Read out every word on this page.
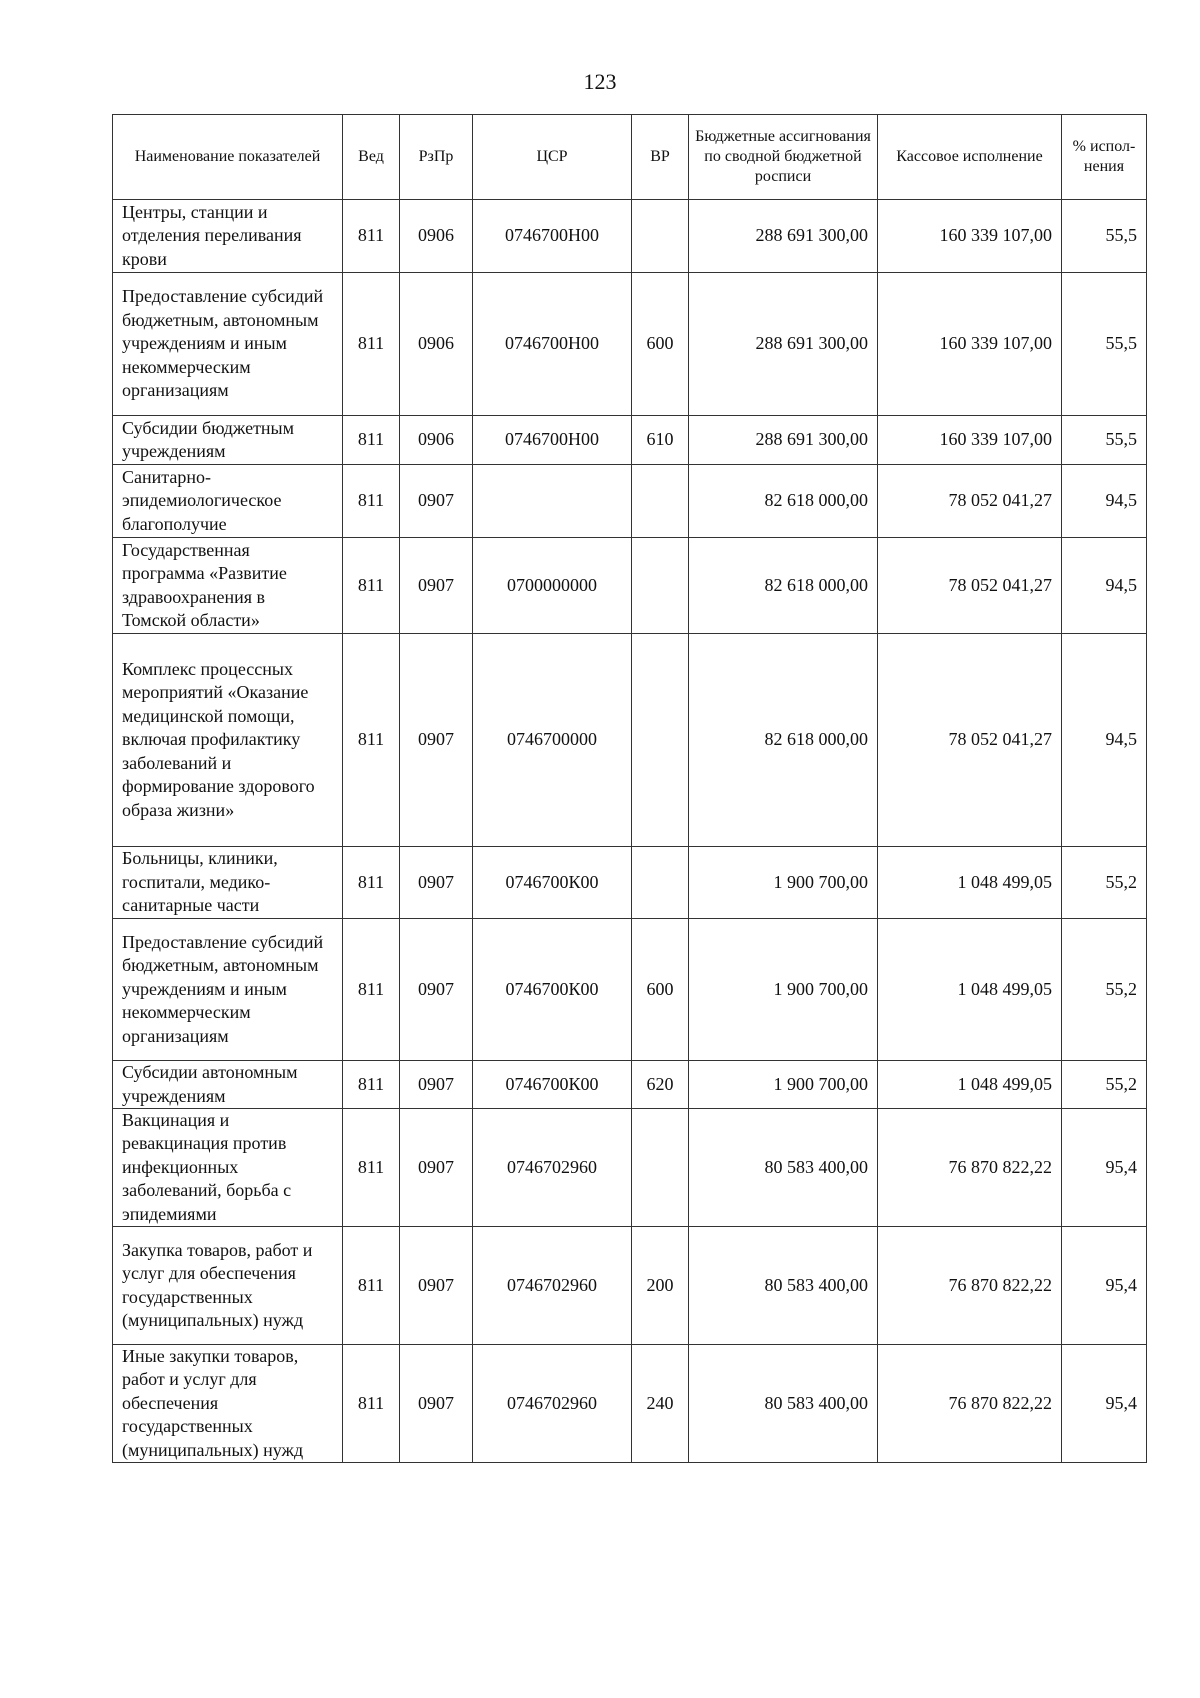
123
Наименование показателей	Вед	РзПр	ЦСР	ВР	Бюджетные ассигнования по сводной бюджетной росписи	Кассовое исполнение	% испол-нения
Центры, станции и отделения переливания крови	811	0906	0746700Н00		288 691 300,00	160 339 107,00	55,5
Предоставление субсидий бюджетным, автономным учреждениям и иным некоммерческим организациям	811	0906	0746700Н00	600	288 691 300,00	160 339 107,00	55,5
Субсидии бюджетным учреждениям	811	0906	0746700Н00	610	288 691 300,00	160 339 107,00	55,5
Санитарно-эпидемиологическое благополучие	811	0907			82 618 000,00	78 052 041,27	94,5
Государственная программа «Развитие здравоохранения в Томской области»	811	0907	0700000000		82 618 000,00	78 052 041,27	94,5
Комплекс процессных мероприятий «Оказание медицинской помощи, включая профилактику заболеваний и формирование здорового образа жизни»	811	0907	0746700000		82 618 000,00	78 052 041,27	94,5
Больницы, клиники, госпитали, медико-санитарные части	811	0907	0746700К00		1 900 700,00	1 048 499,05	55,2
Предоставление субсидий бюджетным, автономным учреждениям и иным некоммерческим организациям	811	0907	0746700К00	600	1 900 700,00	1 048 499,05	55,2
Субсидии автономным учреждениям	811	0907	0746700К00	620	1 900 700,00	1 048 499,05	55,2
Вакцинация и ревакцинация против инфекционных заболеваний, борьба с эпидемиями	811	0907	0746702960		80 583 400,00	76 870 822,22	95,4
Закупка товаров, работ и услуг для обеспечения государственных (муниципальных) нужд	811	0907	0746702960	200	80 583 400,00	76 870 822,22	95,4
Иные закупки товаров, работ и услуг для обеспечения государственных (муниципальных) нужд	811	0907	0746702960	240	80 583 400,00	76 870 822,22	95,4
